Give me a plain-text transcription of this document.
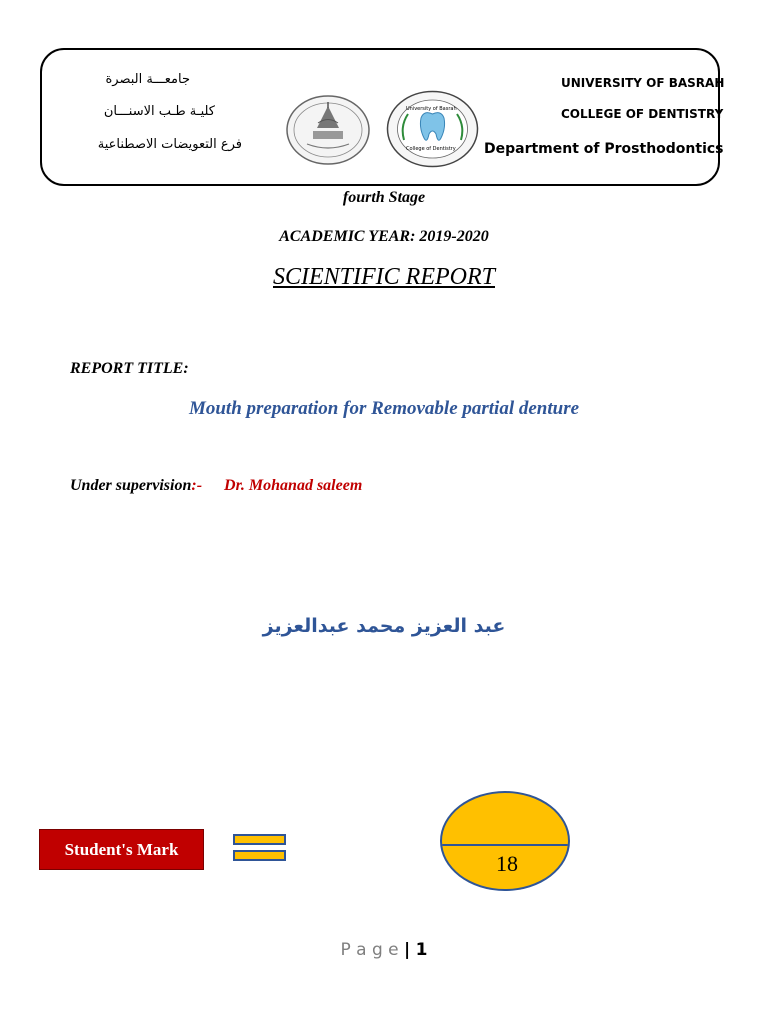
جامعـــة البصرة
كليـة طـب الاسنـــان
فرع التعويضات الاصطناعية
University of Basrah
College of Dentistry
UNIVERSITY OF BASRAH
COLLEGE OF DENTISTRY
Department of Prosthodontics
fourth Stage
ACADEMIC YEAR: 2019-2020
SCIENTIFIC REPORT
REPORT TITLE:
Mouth preparation for Removable partial denture
Under supervision:- Dr. Mohanad saleem
عبد العزيز محمد عبدالعزيز
Student's Mark
18
P a g e | 1
